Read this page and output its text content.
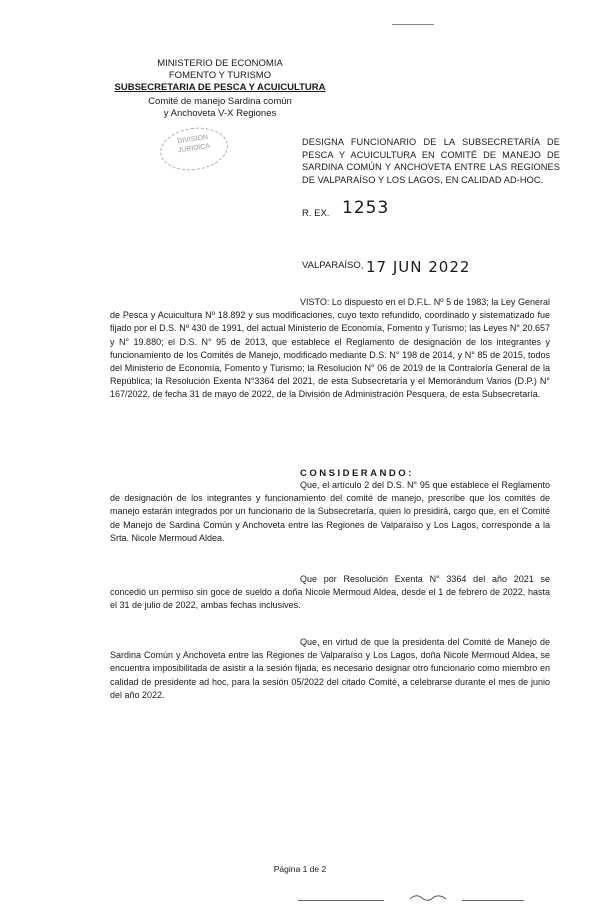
MINISTERIO DE ECONOMIA
FOMENTO Y TURISMO
SUBSECRETARIA DE PESCA Y ACUICULTURA
Comité de manejo Sardina común
y Anchoveta V-X Regiones
DIVISION
JURIDICA
DESIGNA FUNCIONARIO DE LA SUBSECRETARÍA DE PESCA Y ACUICULTURA EN COMITÉ DE MANEJO DE SARDINA COMÚN Y ANCHOVETA ENTRE LAS REGIONES DE VALPARAÍSO Y LOS LAGOS, EN CALIDAD AD-HOC.
R. EX. 1253
VALPARAÍSO, 17 JUN 2022
VISTO: Lo dispuesto en el D.F.L. Nº 5 de 1983; la Ley General de Pesca y Acuicultura Nº 18.892 y sus modificaciones, cuyo texto refundido, coordinado y sistematizado fue fijado por el D.S. Nº 430 de 1991, del actual Ministerio de Economía, Fomento y Turismo; las Leyes N° 20.657 y N° 19.880; el D.S. N° 95 de 2013, que establece el Reglamento de designación de los integrantes y funcionamiento de los Comités de Manejo, modificado mediante D.S. N° 198 de 2014, y N° 85 de 2015, todos del Ministerio de Economía, Fomento y Turismo; la Resolución N° 06 de 2019 de la Contraloría General de la República; la Resolución Exenta N°3364 del 2021, de esta Subsecretaría y el Memorándum Varios (D.P.) N° 167/2022, de fecha 31 de mayo de 2022, de la División de Administración Pesquera, de esta Subsecretaría.
CONSIDERANDO:
Que, el artículo 2 del D.S. N° 95 que establece el Reglamento de designación de los integrantes y funcionamiento del comité de manejo, prescribe que los comités de manejo estarán integrados por un funcionario de la Subsecretaría, quien lo presidirá, cargo que, en el Comité de Manejo de Sardina Común y Anchoveta entre las Regiones de Valparaíso y Los Lagos, corresponde a la Srta. Nicole Mermoud Aldea.
Que por Resolución Exenta N° 3364 del año 2021 se concedió un permiso sin goce de sueldo a doña Nicole Mermoud Aldea, desde el 1 de febrero de 2022, hasta el 31 de julio de 2022, ambas fechas inclusives.
Que, en virtud de que la presidenta del Comité de Manejo de Sardina Común y Anchoveta entre las Regiones de Valparaíso y Los Lagos, doña Nicole Mermoud Aldea, se encuentra imposibilitada de asistir a la sesión fijada, es necesario designar otro funcionario como miembro en calidad de presidente ad hoc, para la sesión 05/2022 del citado Comité, a celebrarse durante el mes de junio del año 2022.
Página 1 de 2
